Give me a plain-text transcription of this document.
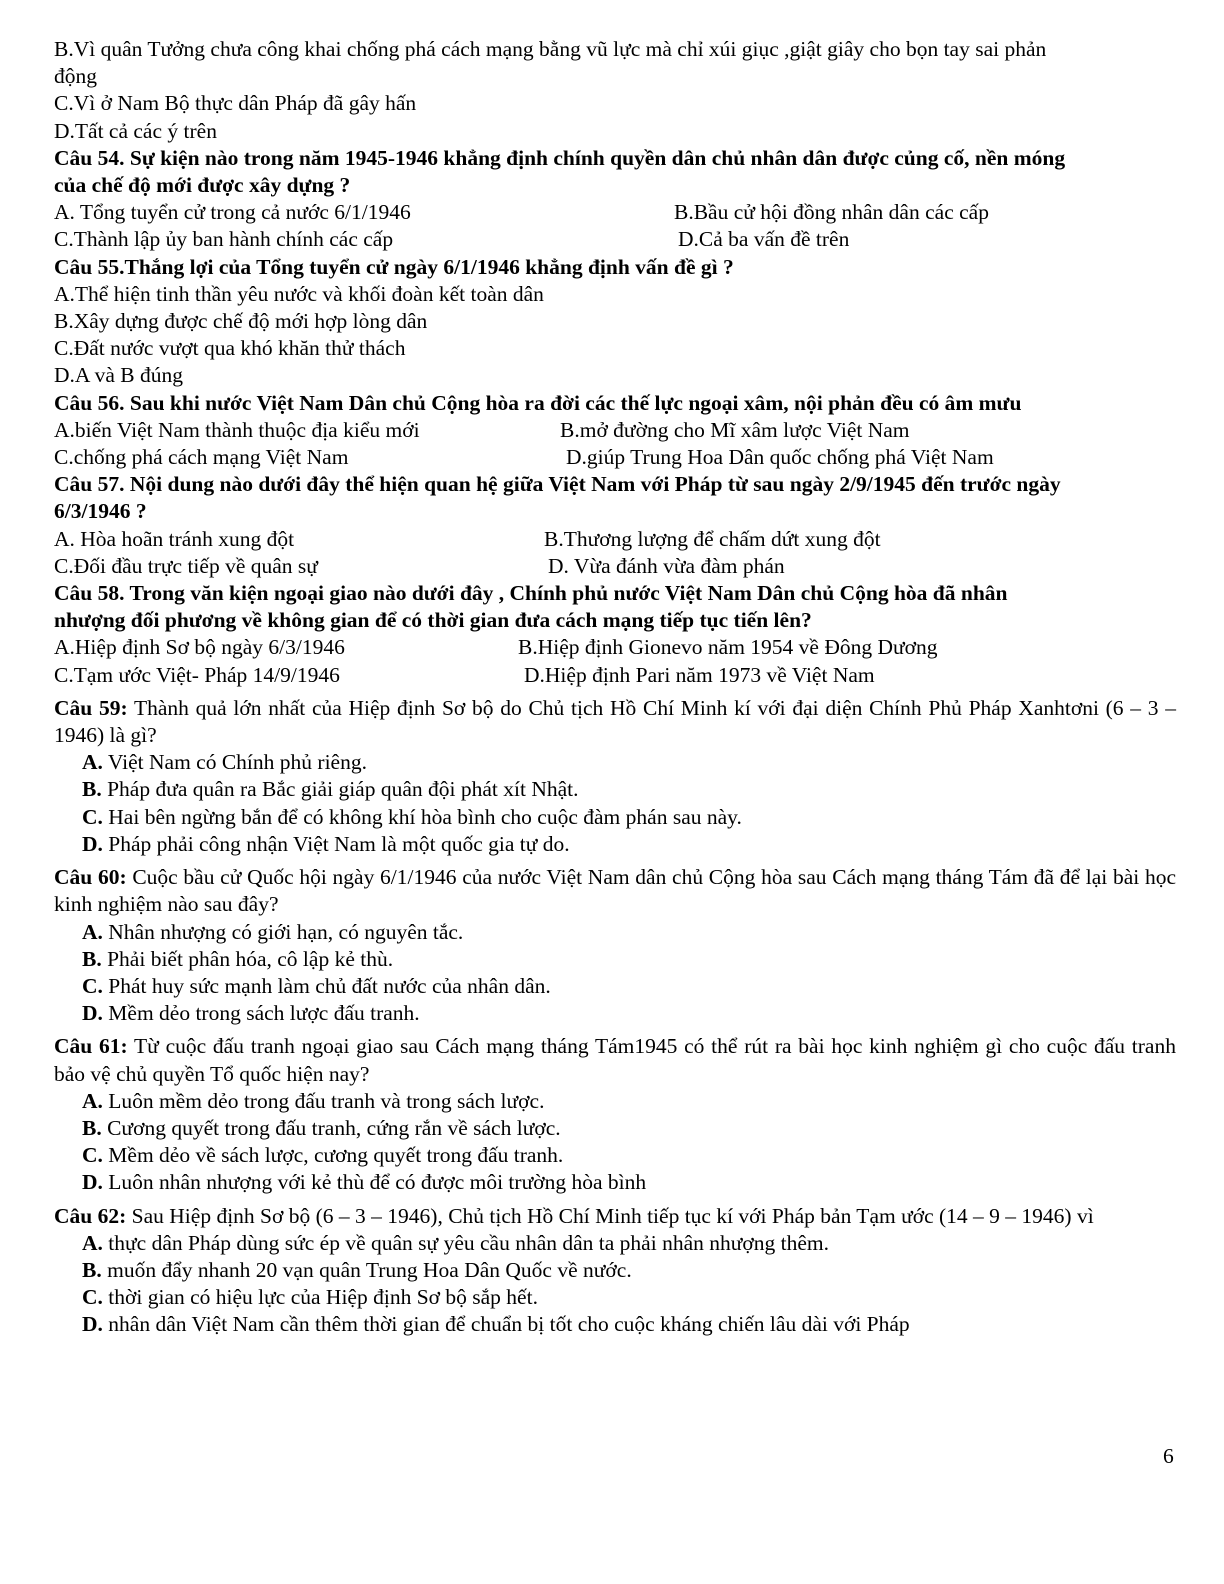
B.Vì quân Tưởng chưa công khai chống phá cách mạng bằng vũ lực mà chỉ xúi giục ,giật giây cho bọn tay sai phản
động
C.Vì ở Nam Bộ thực dân Pháp đã gây hấn
D.Tất cả các ý trên
Câu 54. Sự kiện nào trong năm 1945-1946 khẳng định chính quyền dân chủ nhân dân được củng cố, nền móng
của chế độ mới được xây dựng ?
A. Tổng tuyển cử trong cả nước 6/1/1946	B.Bầu cử hội đồng nhân dân các cấp
C.Thành lập ủy ban hành chính các cấp	D.Cả ba vấn đề trên
Câu 55.Thắng lợi của Tổng tuyển cử ngày 6/1/1946 khẳng định vấn đề gì ?
A.Thể hiện tinh thần yêu nước và khối đoàn kết toàn dân
B.Xây dựng được chế độ mới hợp lòng dân
C.Đất nước vượt qua khó khăn thử thách
D.A và B đúng
Câu 56. Sau khi nước Việt Nam Dân chủ Cộng hòa ra đời các thế lực ngoại xâm, nội phản đều có âm mưu
A.biến Việt Nam thành thuộc địa kiểu mới	B.mở đường cho Mĩ xâm lược Việt Nam
C.chống phá cách mạng Việt Nam	D.giúp Trung Hoa Dân quốc chống phá Việt Nam
Câu 57. Nội dung nào dưới đây thể hiện quan hệ giữa Việt Nam với Pháp từ sau ngày 2/9/1945 đến trước ngày
6/3/1946 ?
A. Hòa hoãn tránh xung đột	B.Thương lượng để chấm dứt xung đột
C.Đối đầu trực tiếp về quân sự	D. Vừa đánh vừa đàm phán
Câu 58. Trong văn kiện ngoại giao nào dưới đây , Chính phủ nước Việt Nam Dân chủ Cộng hòa đã nhân
nhượng đối phương về không gian để có thời gian đưa cách mạng tiếp tục tiến lên?
A.Hiệp định Sơ bộ ngày 6/3/1946	B.Hiệp định Gionevo năm 1954 về Đông Dương
C.Tạm ước Việt- Pháp 14/9/1946	D.Hiệp định Pari năm 1973 về Việt Nam
Câu 59: Thành quả lớn nhất của Hiệp định Sơ bộ do Chủ tịch Hồ Chí Minh kí với đại diện Chính Phủ Pháp Xanhtơni (6 – 3 – 1946) là gì?
A. Việt Nam có Chính phủ riêng.
B. Pháp đưa quân ra Bắc giải giáp quân đội phát xít Nhật.
C. Hai bên ngừng bắn để có không khí hòa bình cho cuộc đàm phán sau này.
D. Pháp phải công nhận Việt Nam là một quốc gia tự do.
Câu 60: Cuộc bầu cử Quốc hội ngày 6/1/1946 của nước Việt Nam dân chủ Cộng hòa sau Cách mạng tháng Tám đã để lại bài học kinh nghiệm nào sau đây?
A. Nhân nhượng có giới hạn, có nguyên tắc.
B. Phải biết phân hóa, cô lập kẻ thù.
C. Phát huy sức mạnh làm chủ đất nước của nhân dân.
D. Mềm dẻo trong sách lược đấu tranh.
Câu 61: Từ cuộc đấu tranh ngoại giao sau Cách mạng tháng Tám1945 có thể rút ra bài học kinh nghiệm gì cho cuộc đấu tranh bảo vệ chủ quyền Tổ quốc hiện nay?
A. Luôn mềm dẻo trong đấu tranh và trong sách lược.
B. Cương quyết trong đấu tranh, cứng rắn về sách lược.
C. Mềm dẻo về sách lược, cương quyết trong đấu tranh.
D. Luôn nhân nhượng với kẻ thù để có được môi trường hòa bình
Câu 62: Sau Hiệp định Sơ bộ (6 – 3 – 1946), Chủ tịch Hồ Chí Minh tiếp tục kí với Pháp bản Tạm ước (14 – 9 – 1946) vì
A. thực dân Pháp dùng sức ép về quân sự yêu cầu nhân dân ta phải nhân nhượng thêm.
B. muốn đẩy nhanh 20 vạn quân Trung Hoa Dân Quốc về nước.
C. thời gian có hiệu lực của Hiệp định Sơ bộ sắp hết.
D. nhân dân Việt Nam cần thêm thời gian để chuẩn bị tốt cho cuộc kháng chiến lâu dài với Pháp
6
